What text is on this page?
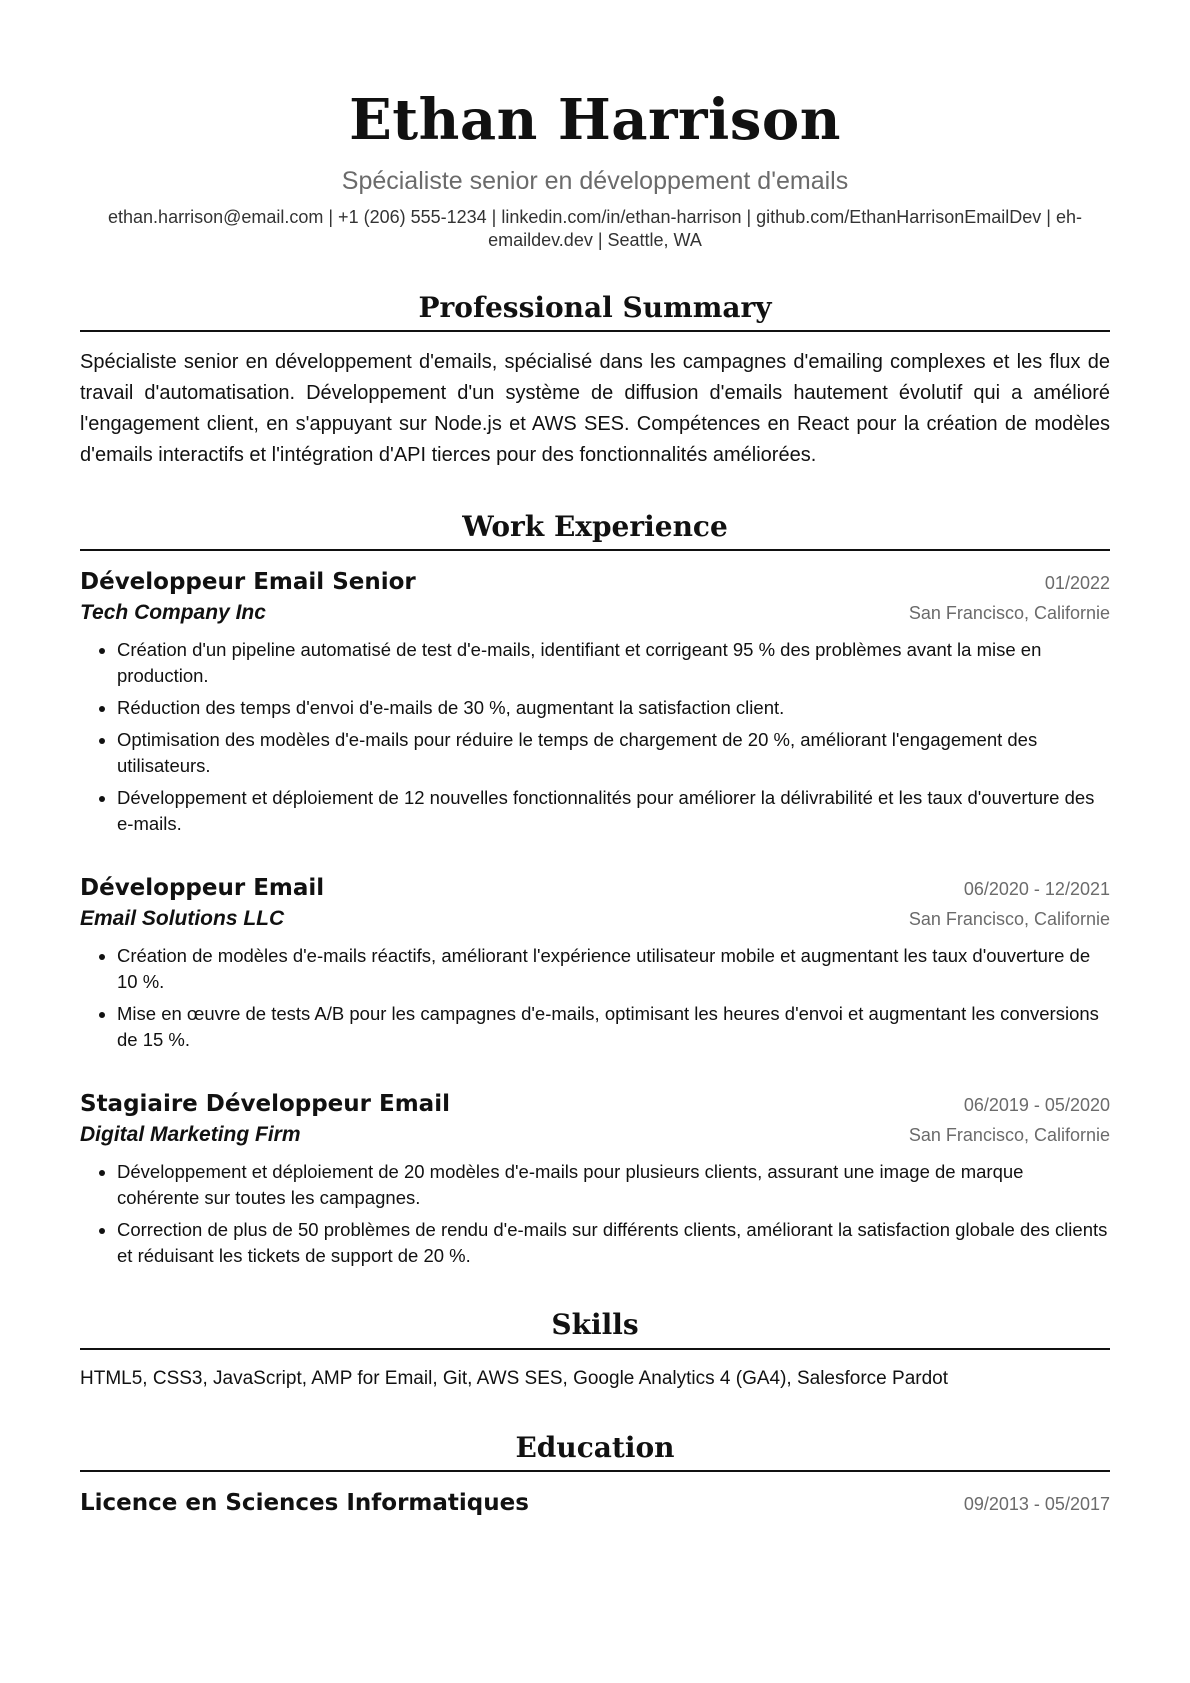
Ethan Harrison
Spécialiste senior en développement d'emails
ethan.harrison@email.com | +1 (206) 555-1234 | linkedin.com/in/ethan-harrison | github.com/EthanHarrisonEmailDev | eh-emaildev.dev | Seattle, WA
Professional Summary

Spécialiste senior en développement d'emails, spécialisé dans les campagnes d'emailing complexes et les flux de travail d'automatisation. Développement d'un système de diffusion d'emails hautement évolutif qui a amélioré l'engagement client, en s'appuyant sur Node.js et AWS SES. Compétences en React pour la création de modèles d'emails interactifs et l'intégration d'API tierces pour des fonctionnalités améliorées.

Work Experience
Développeur Email Senior	01/2022
Tech Company Inc	San Francisco, Californie
• Création d'un pipeline automatisé de test d'e-mails, identifiant et corrigeant 95 % des problèmes avant la mise en production.
• Réduction des temps d'envoi d'e-mails de 30 %, augmentant la satisfaction client.
• Optimisation des modèles d'e-mails pour réduire le temps de chargement de 20 %, améliorant l'engagement des utilisateurs.
• Développement et déploiement de 12 nouvelles fonctionnalités pour améliorer la délivrabilité et les taux d'ouverture des e-mails.
Développeur Email	06/2020 - 12/2021
Email Solutions LLC	San Francisco, Californie
• Création de modèles d'e-mails réactifs, améliorant l'expérience utilisateur mobile et augmentant les taux d'ouverture de 10 %.
• Mise en œuvre de tests A/B pour les campagnes d'e-mails, optimisant les heures d'envoi et augmentant les conversions de 15 %.
Stagiaire Développeur Email	06/2019 - 05/2020
Digital Marketing Firm	San Francisco, Californie
• Développement et déploiement de 20 modèles d'e-mails pour plusieurs clients, assurant une image de marque cohérente sur toutes les campagnes.
• Correction de plus de 50 problèmes de rendu d'e-mails sur différents clients, améliorant la satisfaction globale des clients et réduisant les tickets de support de 20 %.
Skills
HTML5, CSS3, JavaScript, AMP for Email, Git, AWS SES, Google Analytics 4 (GA4), Salesforce Pardot
Education
Licence en Sciences Informatiques	09/2013 - 05/2017
